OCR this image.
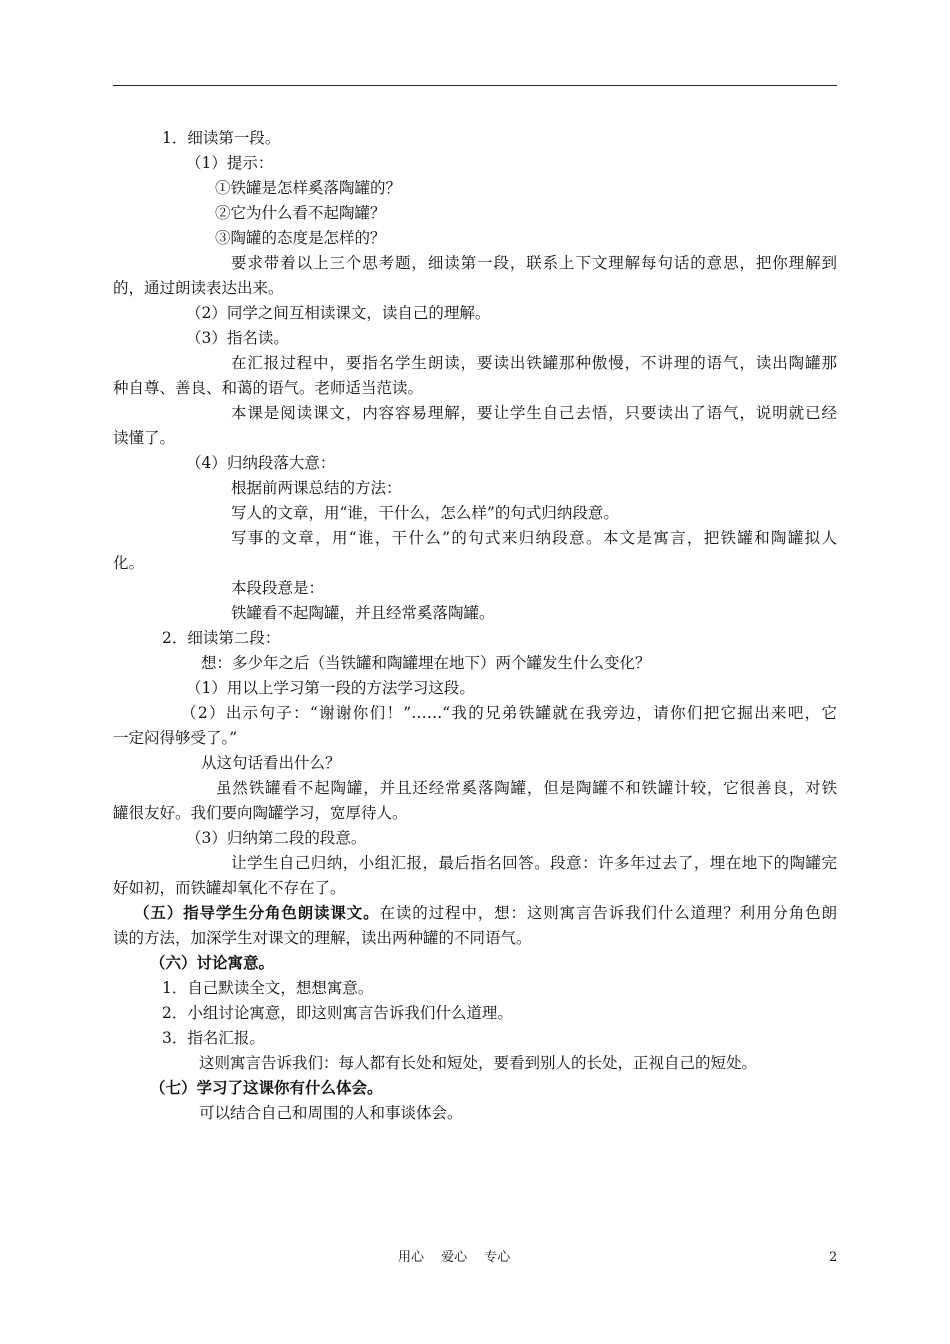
1．细读第一段。
（1）提示：
①铁罐是怎样奚落陶罐的？
②它为什么看不起陶罐？
③陶罐的态度是怎样的？
要求带着以上三个思考题，细读第一段，联系上下文理解每句话的意思，把你理解到
的，通过朗读表达出来。
（2）同学之间互相读课文，读自己的理解。
（3）指名读。
在汇报过程中，要指名学生朗读，要读出铁罐那种傲慢，不讲理的语气，读出陶罐那
种自尊、善良、和蔼的语气。老师适当范读。
本课是阅读课文，内容容易理解，要让学生自己去悟，只要读出了语气，说明就已经
读懂了。
（4）归纳段落大意：
根据前两课总结的方法：
写人的文章，用“谁，干什么，怎么样”的句式归纳段意。
写事的文章，用“谁，干什么”的句式来归纳段意。本文是寓言，把铁罐和陶罐拟人
化。
本段段意是：
铁罐看不起陶罐，并且经常奚落陶罐。
2．细读第二段：
想：多少年之后（当铁罐和陶罐埋在地下）两个罐发生什么变化？
（1）用以上学习第一段的方法学习这段。
（2）出示句子：“谢谢你们！”……“我的兄弟铁罐就在我旁边，请你们把它掘出来吧，它
一定闷得够受了。”
从这句话看出什么？
虽然铁罐看不起陶罐，并且还经常奚落陶罐，但是陶罐不和铁罐计较，它很善良，对铁
罐很友好。我们要向陶罐学习，宽厚待人。
（3）归纳第二段的段意。
让学生自己归纳，小组汇报，最后指名回答。段意：许多年过去了，埋在地下的陶罐完
好如初，而铁罐却氧化不存在了。
（五）指导学生分角色朗读课文。在读的过程中，想：这则寓言告诉我们什么道理？利用分角色朗
读的方法，加深学生对课文的理解，读出两种罐的不同语气。
（六）讨论寓意。
1．自己默读全文，想想寓意。
2．小组讨论寓意，即这则寓言告诉我们什么道理。
3．指名汇报。
这则寓言告诉我们：每人都有长处和短处，要看到别人的长处，正视自己的短处。
（七）学习了这课你有什么体会。
可以结合自己和周围的人和事谈体会。
用心　 爱心　 专心	2
